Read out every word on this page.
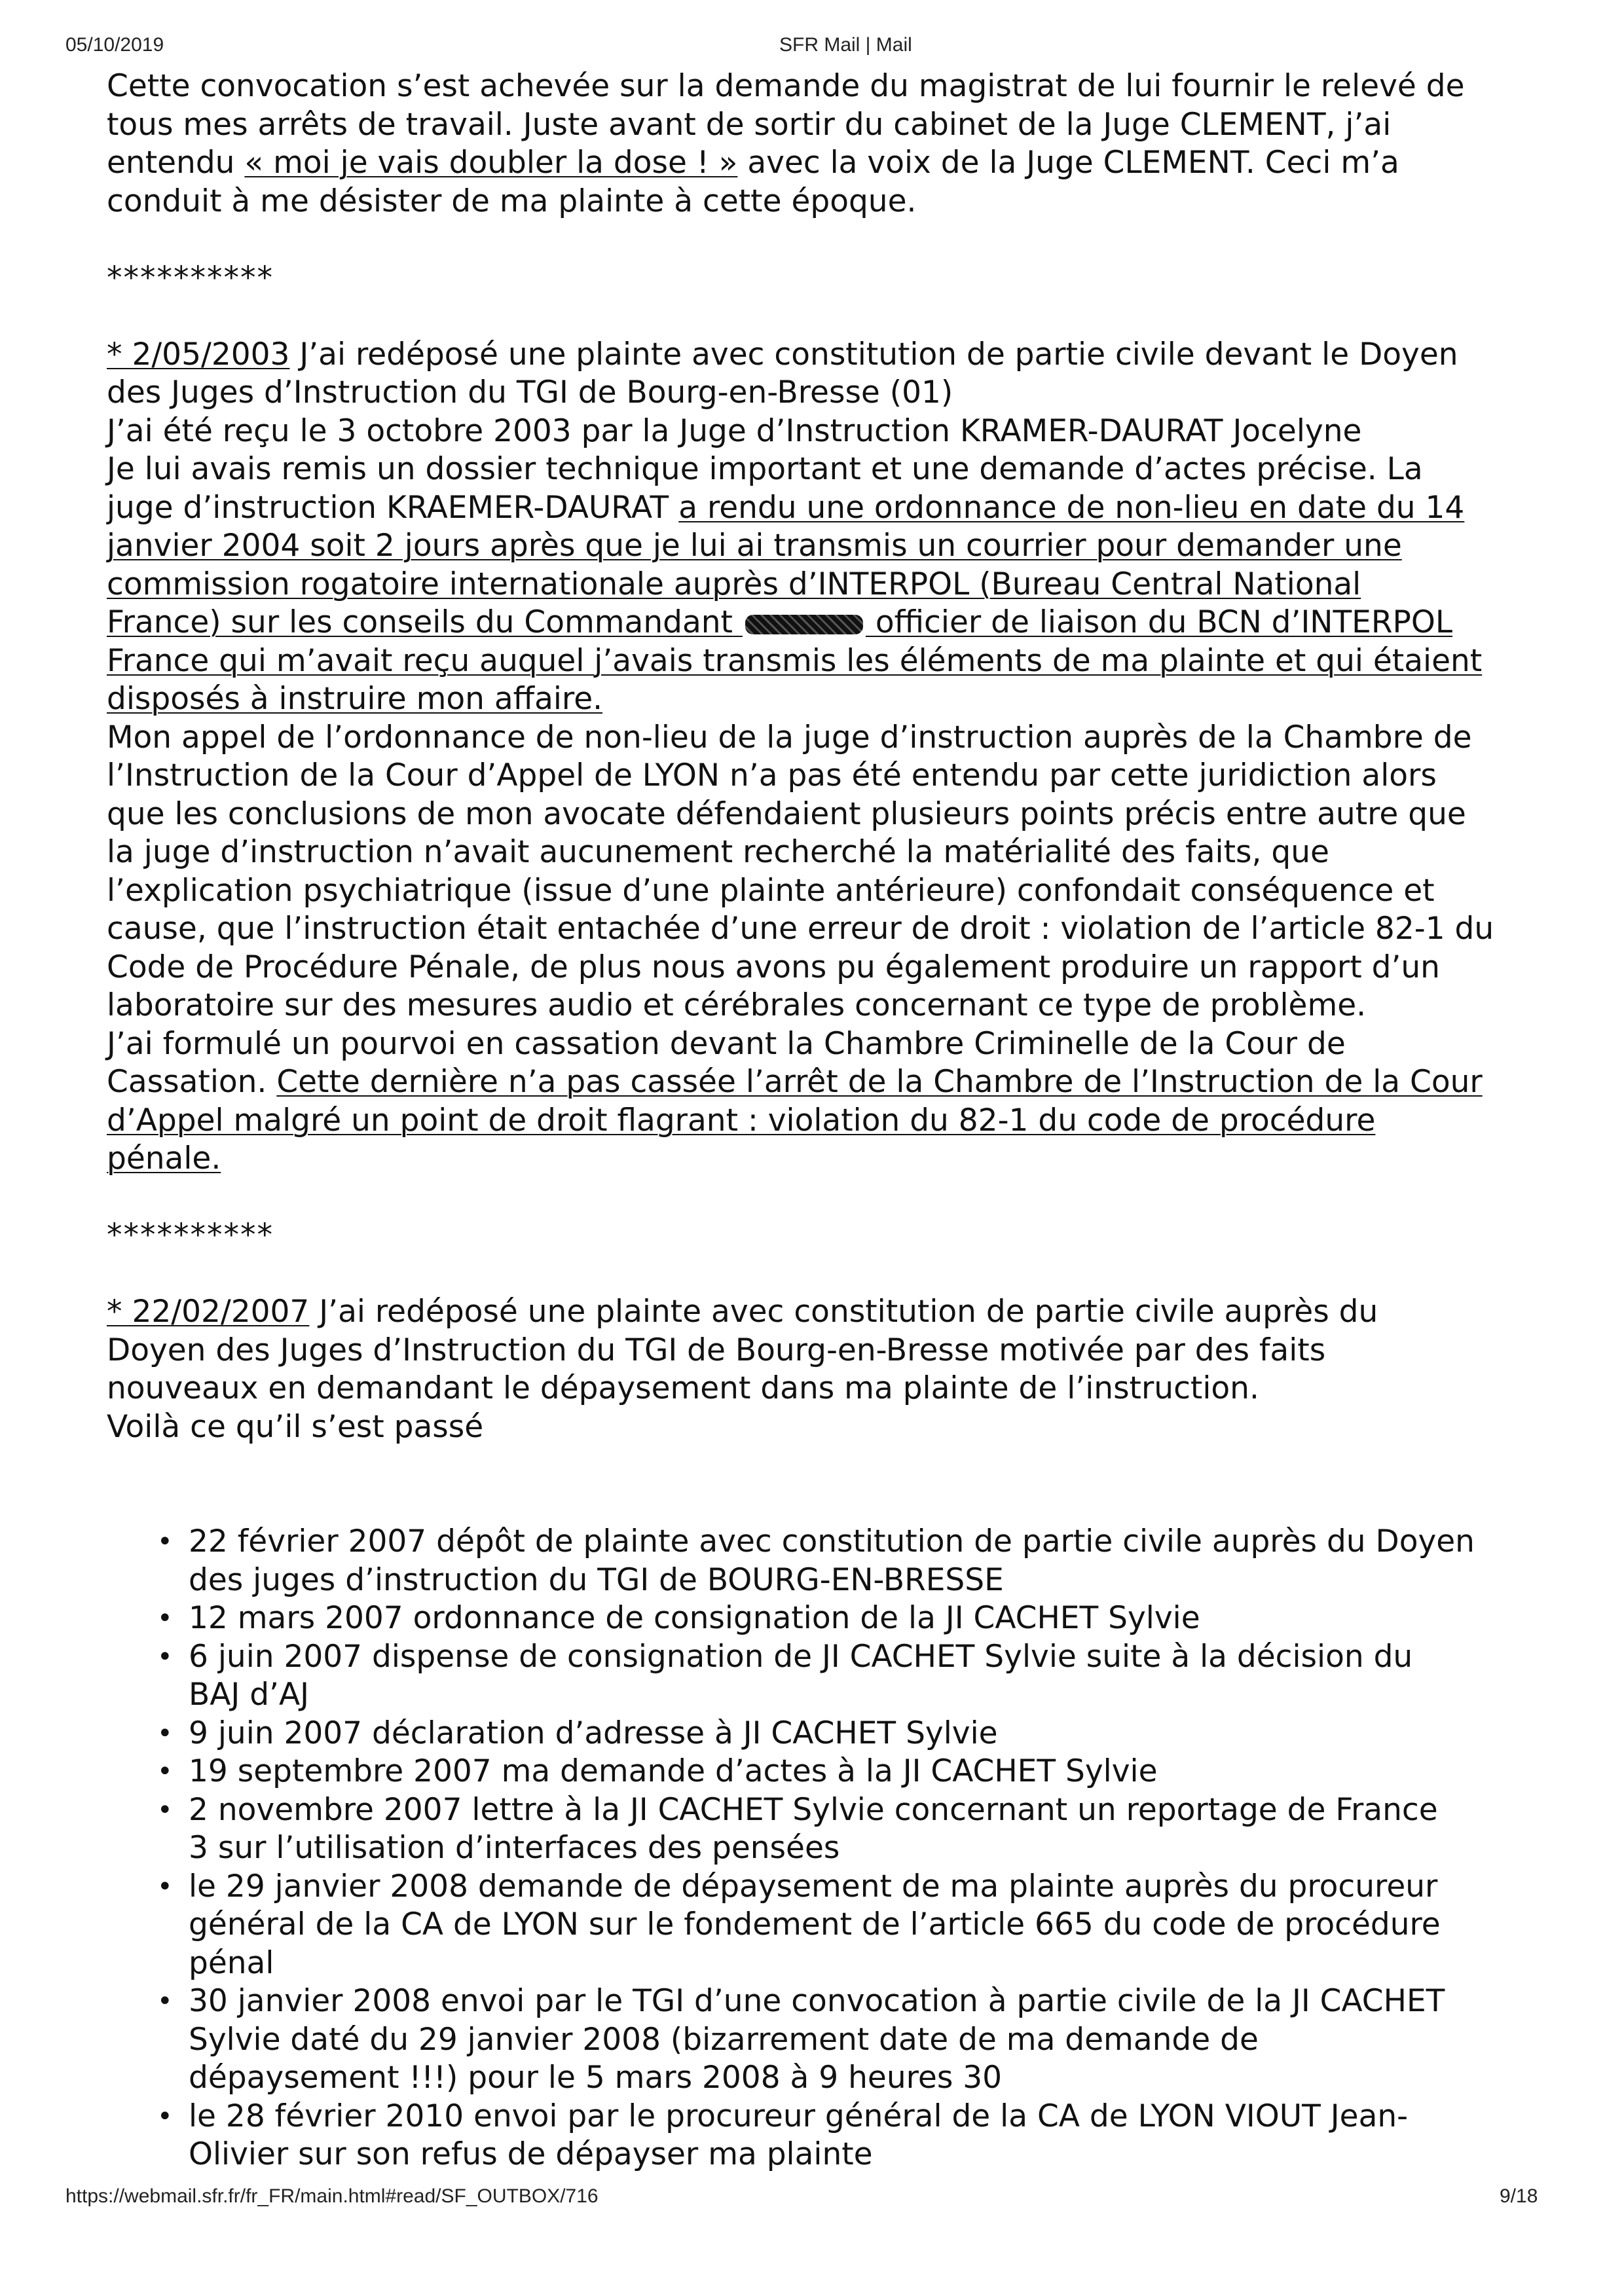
05/10/2019	SFR Mail | Mail
Cette convocation s’est achevée sur la demande du magistrat de lui fournir le relevé de
tous mes arrêts de travail. Juste avant de sortir du cabinet de la Juge CLEMENT, j’ai
entendu « moi je vais doubler la dose ! » avec la voix de la Juge CLEMENT. Ceci m’a
conduit à me désister de ma plainte à cette époque.
**********
* 2/05/2003 J’ai redéposé une plainte avec constitution de partie civile devant le Doyen
des Juges d’Instruction du TGI de Bourg-en-Bresse (01)
J’ai été reçu le 3 octobre 2003 par la Juge d’Instruction KRAMER-DAURAT Jocelyne
Je lui avais remis un dossier technique important et une demande d’actes précise. La
juge d’instruction KRAEMER-DAURAT a rendu une ordonnance de non-lieu en date du 14
janvier 2004 soit 2 jours après que je lui ai transmis un courrier pour demander une
commission rogatoire internationale auprès d’INTERPOL (Bureau Central National
France) sur les conseils du Commandant	officier de liaison du BCN d’INTERPOL
France qui m’avait reçu auquel j’avais transmis les éléments de ma plainte et qui étaient
disposés à instruire mon affaire.
Mon appel de l’ordonnance de non-lieu de la juge d’instruction auprès de la Chambre de
l’Instruction de la Cour d’Appel de LYON n’a pas été entendu par cette juridiction alors
que les conclusions de mon avocate défendaient plusieurs points précis entre autre que
la juge d’instruction n’avait aucunement recherché la matérialité des faits, que
l’explication psychiatrique (issue d’une plainte antérieure) confondait conséquence et
cause, que l’instruction était entachée d’une erreur de droit : violation de l’article 82-1 du
Code de Procédure Pénale, de plus nous avons pu également produire un rapport d’un
laboratoire sur des mesures audio et cérébrales concernant ce type de problème.
J’ai formulé un pourvoi en cassation devant la Chambre Criminelle de la Cour de
Cassation. Cette dernière n’a pas cassée l’arrêt de la Chambre de l’Instruction de la Cour
d’Appel malgré un point de droit flagrant : violation du 82-1 du code de procédure
pénale.
**********
* 22/02/2007 J’ai redéposé une plainte avec constitution de partie civile auprès du
Doyen des Juges d’Instruction du TGI de Bourg-en-Bresse motivée par des faits
nouveaux en demandant le dépaysement dans ma plainte de l’instruction.
Voilà ce qu’il s’est passé
• 22 février 2007 dépôt de plainte avec constitution de partie civile auprès du Doyen
des juges d’instruction du TGI de BOURG-EN-BRESSE
• 12 mars 2007 ordonnance de consignation de la JI CACHET Sylvie
• 6 juin 2007 dispense de consignation de JI CACHET Sylvie suite à la décision du
BAJ d’AJ
• 9 juin 2007 déclaration d’adresse à JI CACHET Sylvie
• 19 septembre 2007 ma demande d’actes à la JI CACHET Sylvie
• 2 novembre 2007 lettre à la JI CACHET Sylvie concernant un reportage de France
3 sur l’utilisation d’interfaces des pensées
• le 29 janvier 2008 demande de dépaysement de ma plainte auprès du procureur
général de la CA de LYON sur le fondement de l’article 665 du code de procédure
pénal
• 30 janvier 2008 envoi par le TGI d’une convocation à partie civile de la JI CACHET
Sylvie daté du 29 janvier 2008 (bizarrement date de ma demande de
dépaysement !!!) pour le 5 mars 2008 à 9 heures 30
• le 28 février 2010 envoi par le procureur général de la CA de LYON VIOUT Jean-
Olivier sur son refus de dépayser ma plainte
https://webmail.sfr.fr/fr_FR/main.html#read/SF_OUTBOX/716	9/18
